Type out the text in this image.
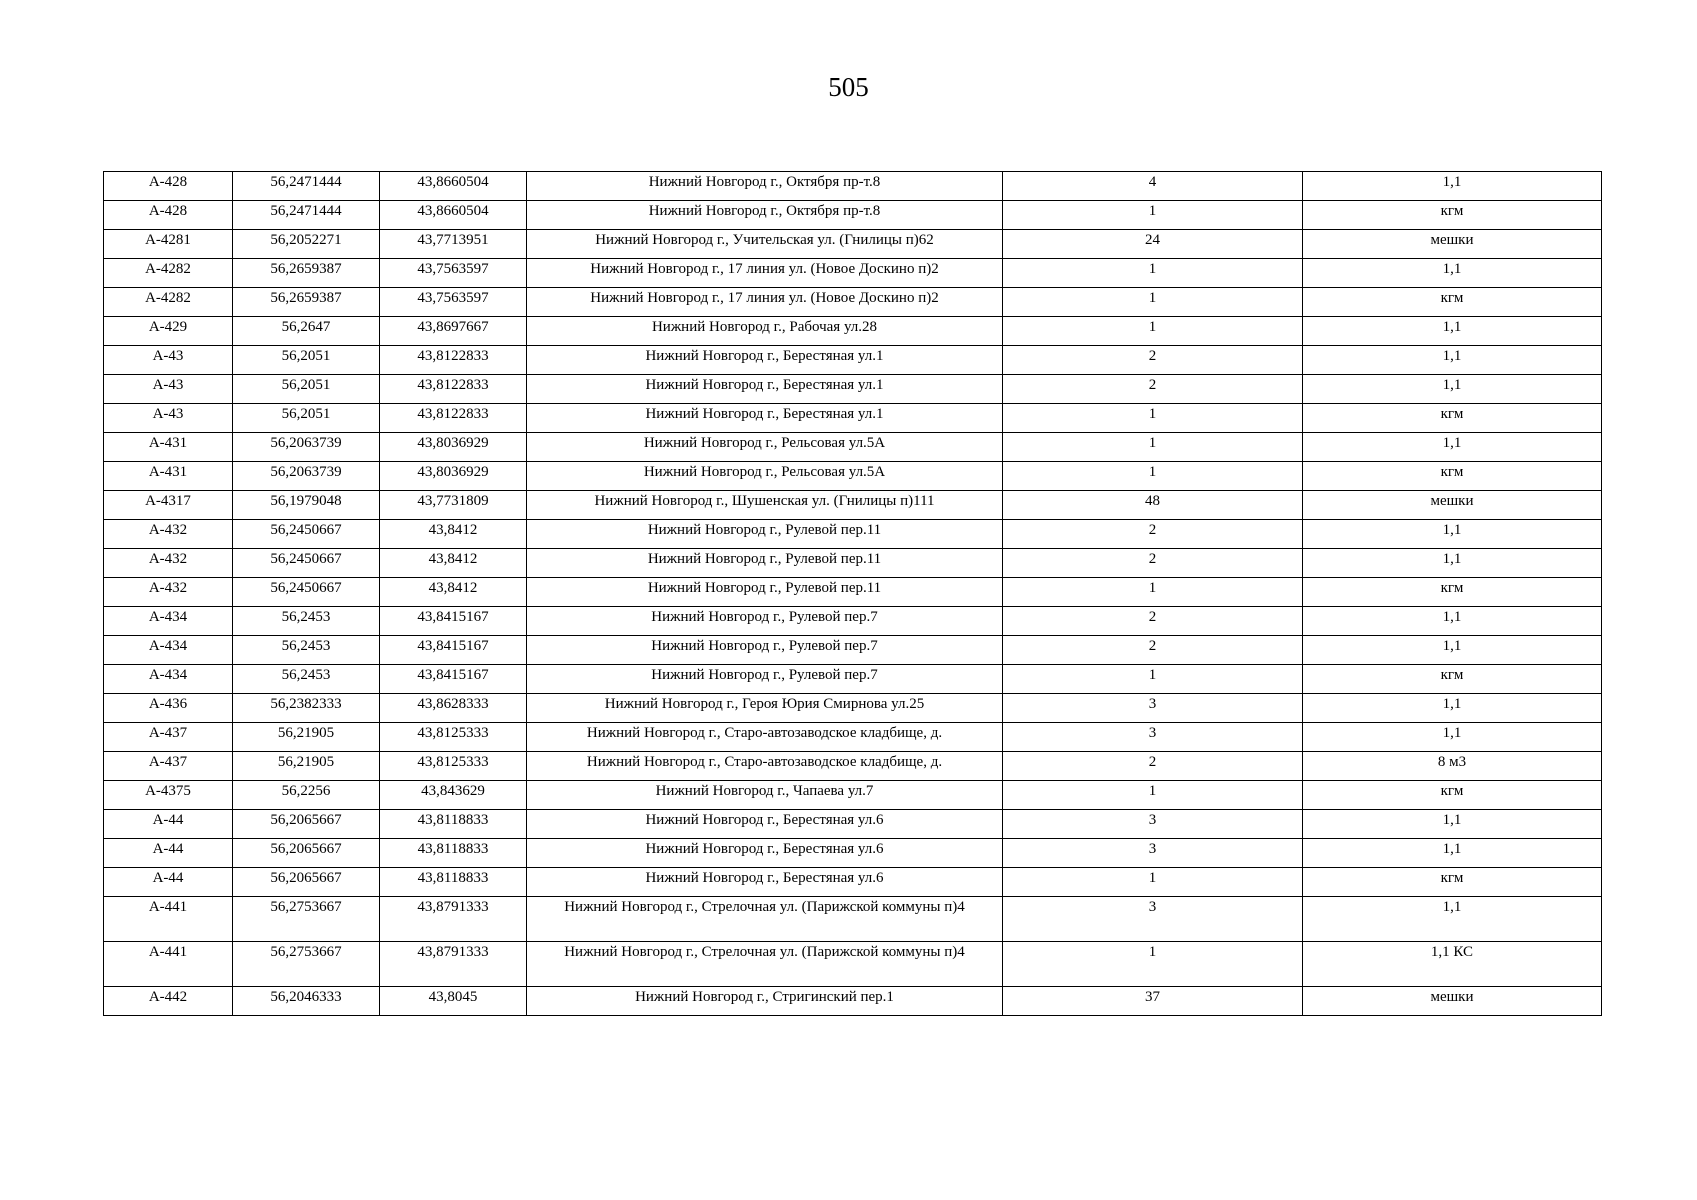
505
А-428	56,2471444	43,8660504	Нижний Новгород г., Октября пр-т.8	4	1,1
А-428	56,2471444	43,8660504	Нижний Новгород г., Октября пр-т.8	1	кгм
А-4281	56,2052271	43,7713951	Нижний Новгород г., Учительская ул. (Гнилицы п)62	24	мешки
А-4282	56,2659387	43,7563597	Нижний Новгород г., 17 линия ул. (Новое Доскино п)2	1	1,1
А-4282	56,2659387	43,7563597	Нижний Новгород г., 17 линия ул. (Новое Доскино п)2	1	кгм
А-429	56,2647	43,8697667	Нижний Новгород г., Рабочая ул.28	1	1,1
А-43	56,2051	43,8122833	Нижний Новгород г., Берестяная ул.1	2	1,1
А-43	56,2051	43,8122833	Нижний Новгород г., Берестяная ул.1	2	1,1
А-43	56,2051	43,8122833	Нижний Новгород г., Берестяная ул.1	1	кгм
А-431	56,2063739	43,8036929	Нижний Новгород г., Рельсовая ул.5А	1	1,1
А-431	56,2063739	43,8036929	Нижний Новгород г., Рельсовая ул.5А	1	кгм
А-4317	56,1979048	43,7731809	Нижний Новгород г., Шушенская ул. (Гнилицы п)111	48	мешки
А-432	56,2450667	43,8412	Нижний Новгород г., Рулевой пер.11	2	1,1
А-432	56,2450667	43,8412	Нижний Новгород г., Рулевой пер.11	2	1,1
А-432	56,2450667	43,8412	Нижний Новгород г., Рулевой пер.11	1	кгм
А-434	56,2453	43,8415167	Нижний Новгород г., Рулевой пер.7	2	1,1
А-434	56,2453	43,8415167	Нижний Новгород г., Рулевой пер.7	2	1,1
А-434	56,2453	43,8415167	Нижний Новгород г., Рулевой пер.7	1	кгм
А-436	56,2382333	43,8628333	Нижний Новгород г., Героя Юрия Смирнова ул.25	3	1,1
А-437	56,21905	43,8125333	Нижний Новгород г., Старо-автозаводское кладбище, д.	3	1,1
А-437	56,21905	43,8125333	Нижний Новгород г., Старо-автозаводское кладбище, д.	2	8 м3
А-4375	56,2256	43,843629	Нижний Новгород г., Чапаева ул.7	1	кгм
А-44	56,2065667	43,8118833	Нижний Новгород г., Берестяная ул.6	3	1,1
А-44	56,2065667	43,8118833	Нижний Новгород г., Берестяная ул.6	3	1,1
А-44	56,2065667	43,8118833	Нижний Новгород г., Берестяная ул.6	1	кгм
А-441	56,2753667	43,8791333	Нижний Новгород г., Стрелочная ул. (Парижской коммуны п)4	3	1,1
А-441	56,2753667	43,8791333	Нижний Новгород г., Стрелочная ул. (Парижской коммуны п)4	1	1,1 КС
А-442	56,2046333	43,8045	Нижний Новгород г., Стригинский пер.1	37	мешки
